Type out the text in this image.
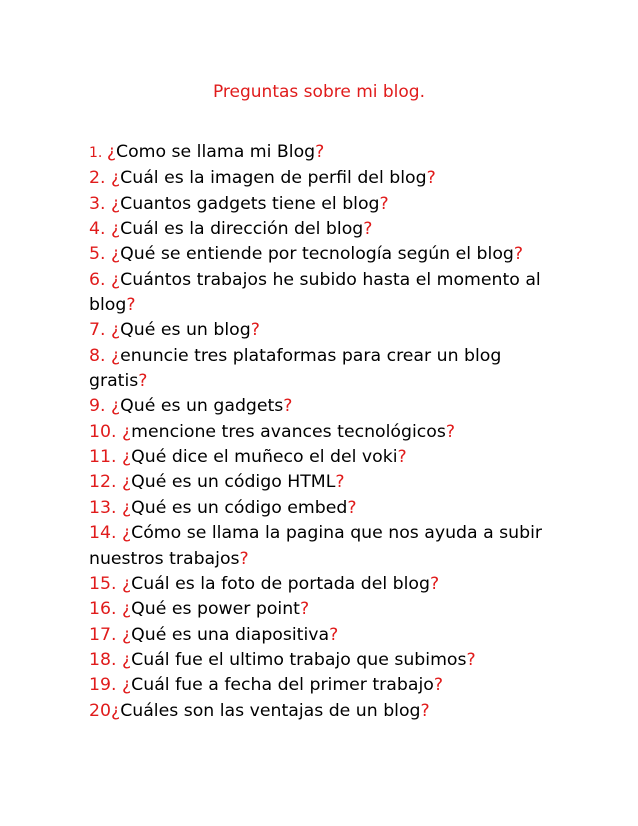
Preguntas sobre mi blog.
1. ¿Como se llama mi Blog?
2. ¿Cuál es la imagen de perfil del blog?
3. ¿Cuantos gadgets tiene el blog?
4. ¿Cuál es la dirección del blog?
5. ¿Qué se entiende por tecnología según el blog?
6. ¿Cuántos trabajos he subido hasta el momento al blog?
7. ¿Qué es un blog?
8. ¿enuncie tres plataformas para crear un blog gratis?
9. ¿Qué es un gadgets?
10. ¿mencione tres avances tecnológicos?
11. ¿Qué dice el muñeco el del voki?
12. ¿Qué es un código HTML?
13. ¿Qué es un código embed?
14. ¿Cómo se llama la pagina que nos ayuda a subir nuestros trabajos?
15. ¿Cuál es la foto de portada del blog?
16. ¿Qué es power point?
17. ¿Qué es una diapositiva?
18. ¿Cuál fue el ultimo trabajo que subimos?
19. ¿Cuál fue a fecha del primer trabajo?
20¿Cuáles son las ventajas de un blog?
